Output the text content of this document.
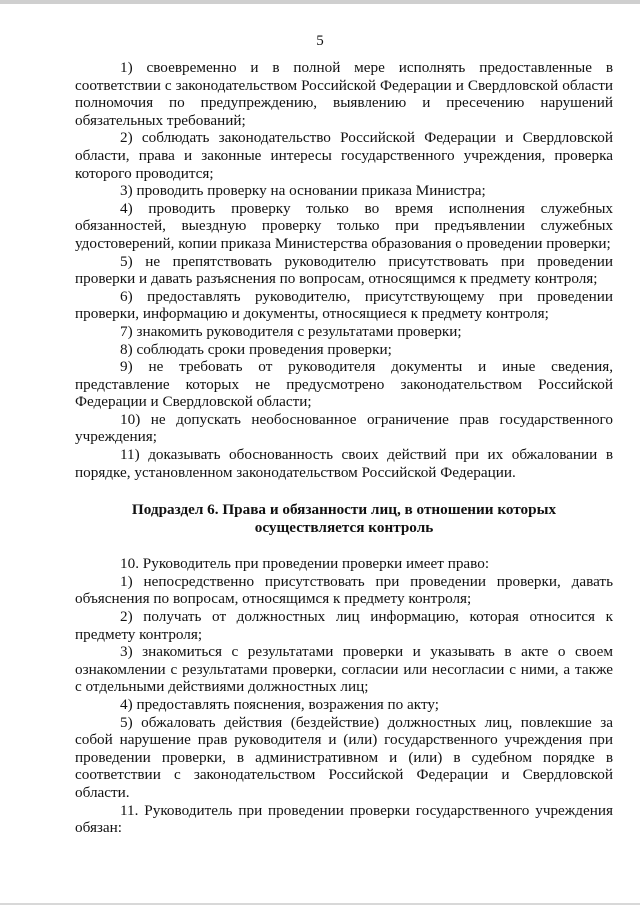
5

1) своевременно и в полной мере исполнять предоставленные в соответствии с законодательством Российской Федерации и Свердловской области полномочия по предупреждению, выявлению и пресечению нарушений обязательных требований;

2) соблюдать законодательство Российской Федерации и Свердловской области, права и законные интересы государственного учреждения, проверка которого проводится;

3) проводить проверку на основании приказа Министра;

4) проводить проверку только во время исполнения служебных обязанностей, выездную проверку только при предъявлении служебных удостоверений, копии приказа Министерства образования о проведении проверки;

5) не препятствовать руководителю присутствовать при проведении проверки и давать разъяснения по вопросам, относящимся к предмету контроля;

6) предоставлять руководителю, присутствующему при проведении проверки, информацию и документы, относящиеся к предмету контроля;

7) знакомить руководителя с результатами проверки;

8) соблюдать сроки проведения проверки;

9) не требовать от руководителя документы и иные сведения, представление которых не предусмотрено законодательством Российской Федерации и Свердловской области;

10) не допускать необоснованное ограничение прав государственного учреждения;

11) доказывать обоснованность своих действий при их обжаловании в порядке, установленном законодательством Российской Федерации.

Подраздел 6. Права и обязанности лиц, в отношении которых
осуществляется контроль

10. Руководитель при проведении проверки имеет право:

1) непосредственно присутствовать при проведении проверки, давать объяснения по вопросам, относящимся к предмету контроля;

2) получать от должностных лиц информацию, которая относится к предмету контроля;

3) знакомиться с результатами проверки и указывать в акте о своем ознакомлении с результатами проверки, согласии или несогласии с ними, а также с отдельными действиями должностных лиц;

4) предоставлять пояснения, возражения по акту;

5) обжаловать действия (бездействие) должностных лиц, повлекшие за собой нарушение прав руководителя и (или) государственного учреждения при проведении проверки, в административном и (или) в судебном порядке в соответствии с законодательством Российской Федерации и Свердловской области.

11. Руководитель при проведении проверки государственного учреждения обязан:
